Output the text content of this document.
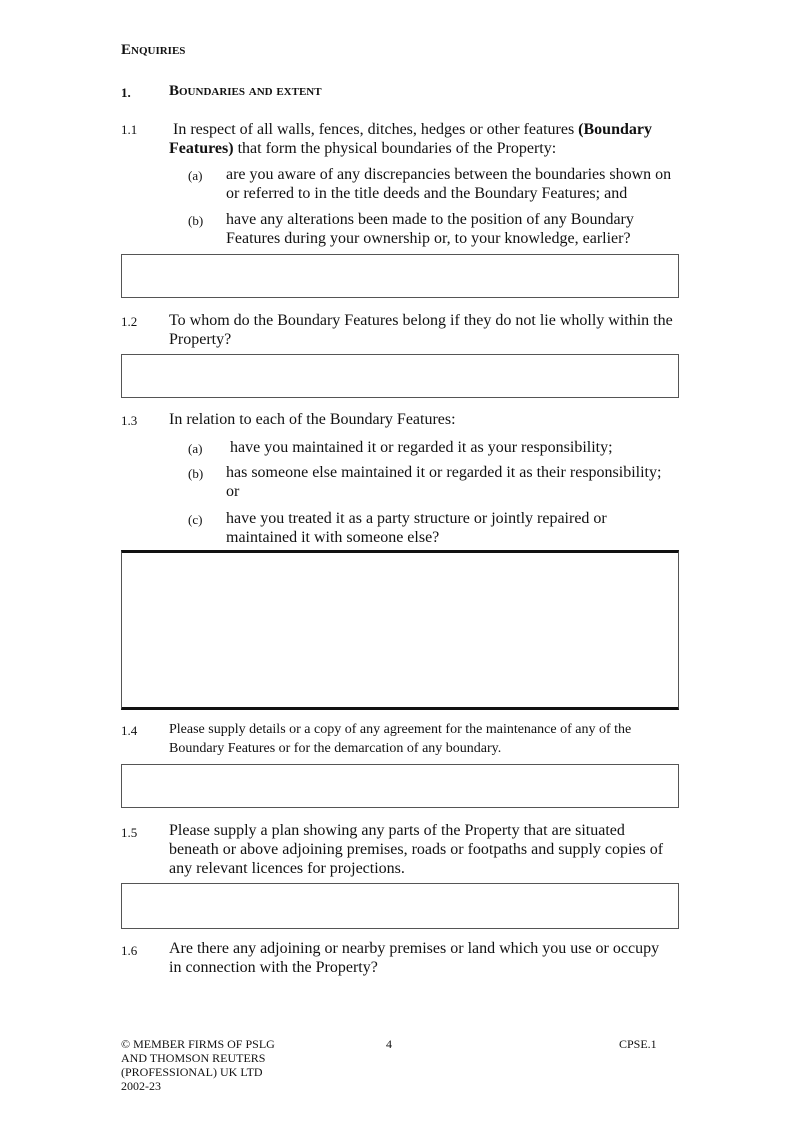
Enquiries
1.	Boundaries and extent
1.1 In respect of all walls, fences, ditches, hedges or other features (Boundary Features) that form the physical boundaries of the Property:
(a) are you aware of any discrepancies between the boundaries shown on or referred to in the title deeds and the Boundary Features; and
(b) have any alterations been made to the position of any Boundary Features during your ownership or, to your knowledge, earlier?
1.2 To whom do the Boundary Features belong if they do not lie wholly within the Property?
1.3 In relation to each of the Boundary Features:
(a) have you maintained it or regarded it as your responsibility;
(b) has someone else maintained it or regarded it as their responsibility; or
(c) have you treated it as a party structure or jointly repaired or maintained it with someone else?
1.4 Please supply details or a copy of any agreement for the maintenance of any of the Boundary Features or for the demarcation of any boundary.
1.5 Please supply a plan showing any parts of the Property that are situated beneath or above adjoining premises, roads or footpaths and supply copies of any relevant licences for projections.
1.6 Are there any adjoining or nearby premises or land which you use or occupy in connection with the Property?
© MEMBER FIRMS OF PSLG AND THOMSON REUTERS (PROFESSIONAL) UK LTD 2002-23
4	CPSE.1
